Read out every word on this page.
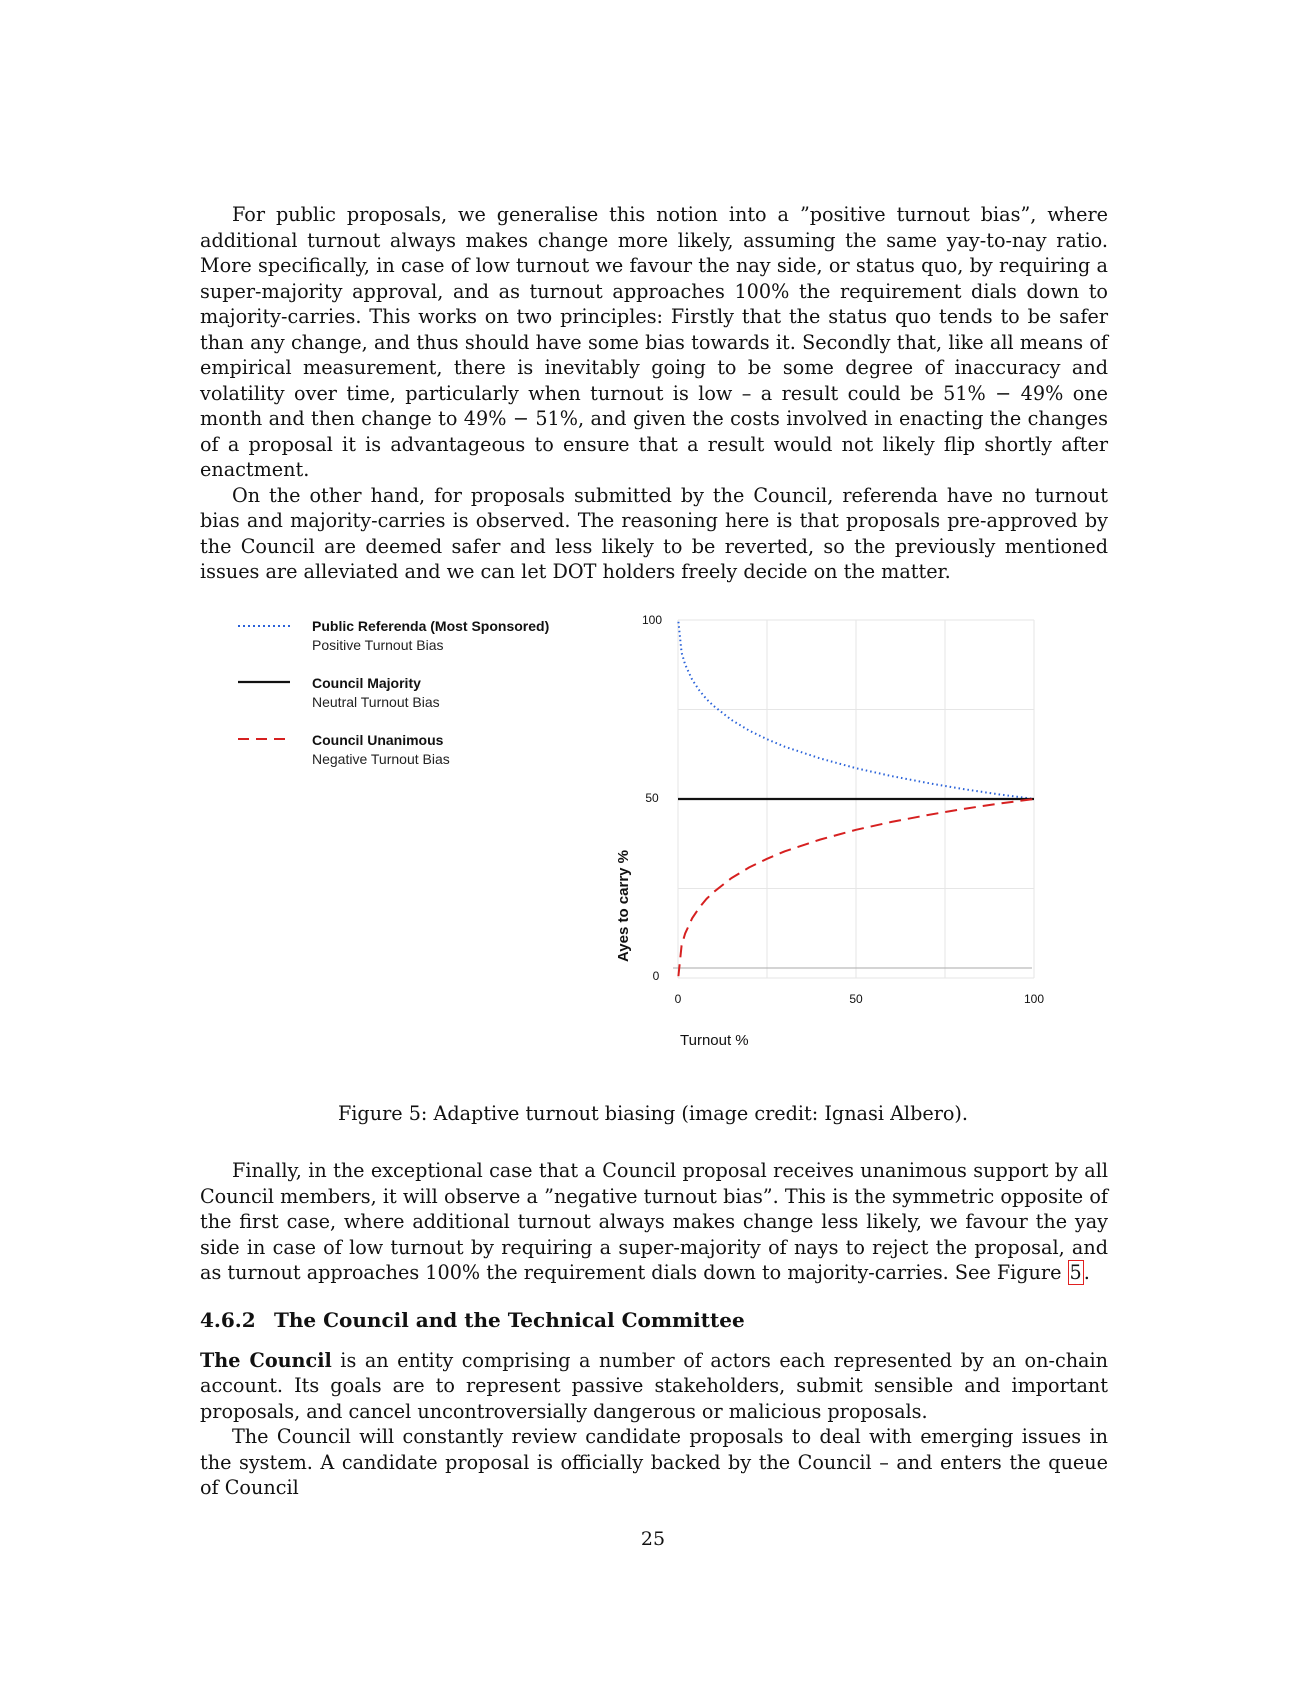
For public proposals, we generalise this notion into a ”positive turnout bias”, where additional turnout always makes change more likely, assuming the same yay-to-nay ratio. More specifically, in case of low turnout we favour the nay side, or status quo, by requiring a super-majority approval, and as turnout approaches 100% the requirement dials down to majority-carries. This works on two principles: Firstly that the status quo tends to be safer than any change, and thus should have some bias towards it. Secondly that, like all means of empirical measurement, there is inevitably going to be some degree of inaccuracy and volatility over time, particularly when turnout is low – a result could be 51% − 49% one month and then change to 49% − 51%, and given the costs involved in enacting the changes of a proposal it is advantageous to ensure that a result would not likely flip shortly after enactment.

On the other hand, for proposals submitted by the Council, referenda have no turnout bias and majority-carries is observed. The reasoning here is that proposals pre-approved by the Council are deemed safer and less likely to be reverted, so the previously mentioned issues are alleviated and we can let DOT holders freely decide on the matter.

Public Referenda (Most Sponsored)
Positive Turnout Bias
Council Majority
Neutral Turnout Bias
Council Unanimous
Negative Turnout Bias
100
50
0
0	50	100
Ayes to carry %
Turnout %
Figure 5: Adaptive turnout biasing (image credit: Ignasi Albero).

Finally, in the exceptional case that a Council proposal receives unanimous support by all Council members, it will observe a ”negative turnout bias”. This is the symmetric opposite of the first case, where additional turnout always makes change less likely, we favour the yay side in case of low turnout by requiring a super-majority of nays to reject the proposal, and as turnout approaches 100% the requirement dials down to majority-carries. See Figure 5 .

4.6.2 The Council and the Technical Committee

The Council is an entity comprising a number of actors each represented by an on-chain account. Its goals are to represent passive stakeholders, submit sensible and important proposals, and cancel uncontroversially dangerous or malicious proposals.

The Council will constantly review candidate proposals to deal with emerging issues in the system. A candidate proposal is officially backed by the Council – and enters the queue of Council

25
